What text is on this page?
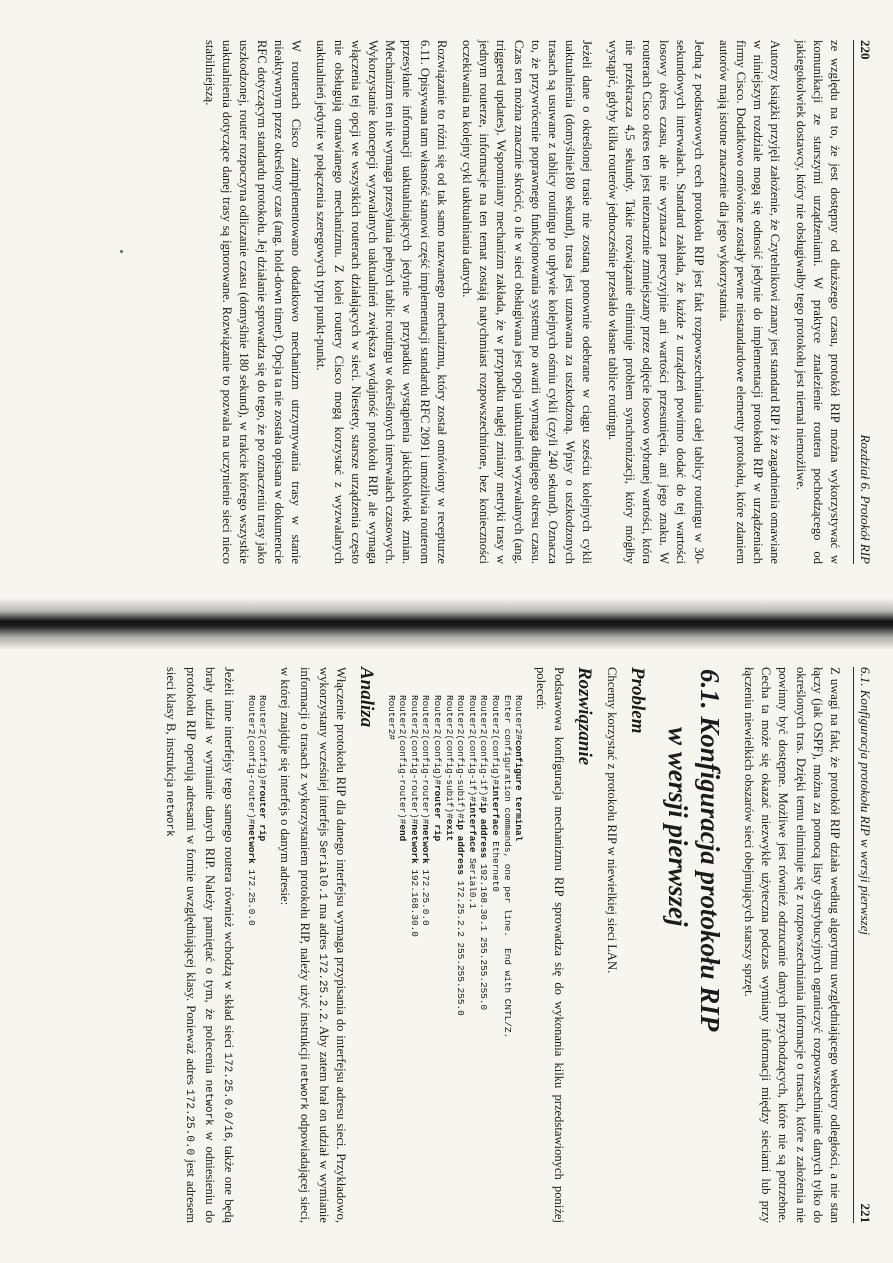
220
Rozdział 6. Protokół RIP

ze względu na to, że jest dostępny od dłuższego czasu, protokół RIP można wykorzystywać w komunikacji ze starszymi urządzeniami. W praktyce znalezienie routera pochodzącego od jakiegokolwiek dostawcy, który nie obsługiwałby tego protokołu jest niemal niemożliwe.

Autorzy książki przyjęli założenie, że Czytelnikowi znany jest standard RIP i że zagadnienia omawiane w niniejszym rozdziale mogą się odnosić jedynie do implementacji protokołu RIP w urządzeniach firmy Cisco. Dodatkowo omówione zostały pewne niestandardowe elementy protokołu, które zdaniem autorów mają istotne znaczenie dla jego wykorzystania.

Jedną z podstawowych cech protokołu RIP jest fakt rozpowszechniania całej tablicy routingu w 30-sekundowych interwałach. Standard zakłada, że każde z urządzeń powinno dodać do tej wartości losowy okres czasu, ale nie wyznacza precyzyjnie ani wartości przesunięcia, ani jego znaku. W routerach Cisco okres ten jest nieznacznie zmniejszany przez odjęcie losowo wybranej wartości, która nie przekracza 4,5 sekundy. Takie rozwiązanie eliminuje problem synchronizacji, który mógłby wystąpić, gdyby kilka routerów jednocześnie przesłało własne tablice routingu.

Jeżeli dane o określonej trasie nie zostaną ponownie odebrane w ciągu sześciu kolejnych cykli uaktualnienia (domyślnie180 sekund), trasa jest uznawana za uszkodzoną. Wpisy o uszkodzonych trasach są usuwane z tablicy routingu po upływie kolejnych ośmiu cykli (czyli 240 sekund). Oznacza to, że przywrócenie poprawnego funkcjonowania systemu po awarii wymaga długiego okresu czasu. Czas ten można znacznie skrócić, o ile w sieci obsługiwana jest opcja uaktualnień wyzwalanych (ang. triggered updates). Wspomniany mechanizm zakłada, że w przypadku nagłej zmiany metryki trasy w jednym routerze, informacje na ten temat zostają natychmiast rozpowszechnione, bez konieczności oczekiwania na kolejny cykl uaktualniania danych.

Rozwiązanie to różni się od tak samo nazwanego mechanizmu, który został omówiony w recepturze 6.11. Opisywana tam własność stanowi część implementacji standardu RFC 2091 i umożliwia routerom przesyłanie informacji uaktualniających jedynie w przypadku wystąpienia jakichkolwiek zmian. Mechanizm ten nie wymaga przesyłania pełnych tablic routingu w określonych interwałach czasowych. Wykorzystanie koncepcji wyzwalanych uaktualnień zwiększa wydajność protokołu RIP, ale wymaga włączenia tej opcji we wszystkich routerach działających w sieci. Niestety, starsze urządzenia często nie obsługują omawianego mechanizmu. Z kolei routery Cisco mogą korzystać z wyzwalanych uaktualnień jedynie w połączenia szeregowych typu punkt-punkt.

W routerach Cisco zaimplementowano dodatkowo mechanizm utrzymywania trasy w stanie nieaktywnym przez określony czas (ang. hold-down timer). Opcja ta nie została opisana w dokumencie RFC dotyczącym standardu protokołu. Jej działanie sprowadza się do tego, że po oznaczeniu trasy jako uszkodzonej, router rozpoczyna odliczanie czasu (domyślnie 180 sekund), w trakcie którego wszystkie uaktualnienia dotyczące danej trasy są ignorowane. Rozwiązanie to pozwala na uczynienie sieci nieco stabilniejszą.

6.1. Konfiguracja protokołu RIP w wersji pierwszej
221

Z uwagi na fakt, że protokół RIP działa według algorytmu uwzględniającego wektory odległości, a nie stan łączy (jak OSPF), można za pomocą listy dystrybucyjnych ograniczyć rozpowszechnianie danych tylko do określonych tras. Dzięki temu eliminuje się z rozpowszechniania informacje o trasach, które z założenia nie powinny być dostępne. Możliwe jest również odrzucanie danych przychodzących, które nie są potrzebne. Cecha ta może się okazać niezwykle użyteczna podczas wymiany informacji między sieciami lub przy łączeniu niewielkich obszarów sieci obejmujących starszy sprzęt.

6.1. Konfiguracja protokołu RIP
w wersji pierwszej
Problem

Chcemy korzystać z protokołu RIP w niewielkiej sieci LAN.

Rozwiązanie

Podstawowa konfiguracja mechanizmu RIP sprowadza się do wykonania kilku przedstawionych poniżej poleceń:

Router2#configure terminal
Enter configuration commands, one per line.  End with CNTL/Z.
Router2(config)#interface Ethernet0
Router2(config-if)#ip address 192.168.30.1 255.255.255.0
Router2(config-if)#interface Serial0.1
Router2(config-subif)#ip address 172.25.2.2 255.255.255.0
Router2(config-subif)#exit
Router2(config)#router rip
Router2(config-router)#network 172.25.0.0
Router2(config-router)#network 192.168.30.0
Router2(config-router)#end
Router2#
Analiza

Włączenie protokołu RIP dla danego interfejsu wymaga przypisania do interfejsu adresu sieci. Przykładowo, wykorzystany wcześniej interfejs Serial0.1 ma adres 172.25.2.2. Aby zatem brał on udział w wymianie informacji o trasach z wykorzystaniem protokołu RIP, należy użyć instrukcji network odpowiadającej sieci, w której znajduje się interfejs o danym adresie:

Router2(config)#router rip
Router2(config-router)#network 172.25.0.0

Jeżeli inne interfejsy tego samego routera również wchodzą w skład sieci 172.25.0.0/16, także one będą brały udział w wymianie danych RIP. Należy pamiętać o tym, że polecenia network w odniesieniu do protokołu RIP operują adresami w formie uwzględniającej klasy. Ponieważ adres 172.25.0.0 jest adresem sieci klasy B, instrukcja network
